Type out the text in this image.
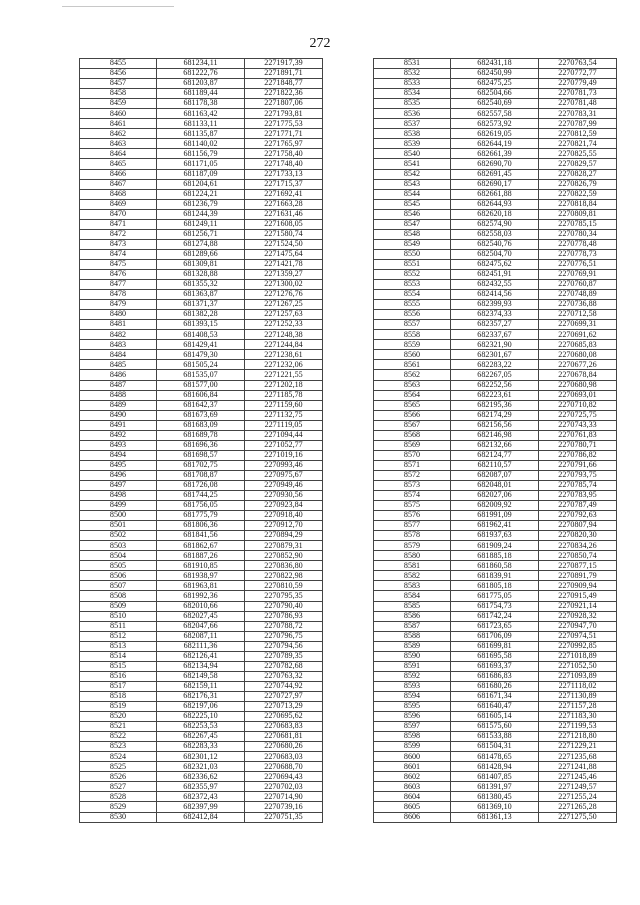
272
8455	681234,11	2271917,39
8456	681222,76	2271891,71
8457	681203,87	2271848,77
8458	681189,44	2271822,36
8459	681178,38	2271807,06
8460	681163,42	2271793,81
8461	681133,11	2271775,53
8462	681135,87	2271771,71
8463	681140,02	2271765,97
8464	681156,79	2271758,40
8465	681171,05	2271748,40
8466	681187,09	2271733,13
8467	681204,61	2271715,37
8468	681224,21	2271692,41
8469	681236,79	2271663,28
8470	681244,39	2271631,46
8471	681249,11	2271608,05
8472	681256,71	2271580,74
8473	681274,88	2271524,50
8474	681289,66	2271475,64
8475	681309,81	2271421,78
8476	681328,88	2271359,27
8477	681355,32	2271300,02
8478	681363,87	2271276,76
8479	681371,37	2271267,25
8480	681382,28	2271257,63
8481	681393,15	2271252,33
8482	681408,53	2271248,38
8483	681429,41	2271244,84
8484	681479,30	2271238,61
8485	681505,24	2271232,06
8486	681535,07	2271221,55
8487	681577,00	2271202,18
8488	681606,84	2271185,78
8489	681642,37	2271159,60
8490	681673,69	2271132,75
8491	681683,09	2271119,05
8492	681689,78	2271094,44
8493	681696,36	2271052,77
8494	681698,57	2271019,16
8495	681702,75	2270993,46
8496	681708,87	2270975,67
8497	681726,08	2270949,46
8498	681744,25	2270930,56
8499	681756,05	2270923,84
8500	681775,79	2270918,40
8501	681806,36	2270912,70
8502	681841,56	2270894,29
8503	681862,67	2270879,31
8504	681887,26	2270852,90
8505	681910,85	2270836,80
8506	681938,97	2270822,98
8507	681963,81	2270810,59
8508	681992,36	2270795,35
8509	682010,66	2270790,40
8510	682027,45	2270786,93
8511	682047,66	2270788,72
8512	682087,11	2270796,75
8513	682111,36	2270794,56
8514	682126,41	2270789,35
8515	682134,94	2270782,68
8516	682149,58	2270763,32
8517	682159,11	2270744,92
8518	682176,31	2270727,97
8519	682197,06	2270713,29
8520	682225,10	2270695,62
8521	682253,53	2270683,83
8522	682267,45	2270681,81
8523	682283,33	2270680,26
8524	682301,12	2270683,03
8525	682321,03	2270688,70
8526	682336,62	2270694,43
8527	682355,97	2270702,03
8528	682372,43	2270714,90
8529	682397,99	2270739,16
8530	682412,84	2270751,35
8531	682431,18	2270763,54
8532	682450,99	2270772,77
8533	682475,25	2270779,49
8534	682504,66	2270781,73
8535	682540,69	2270781,48
8536	682557,58	2270783,31
8537	682573,92	2270787,99
8538	682619,05	2270812,59
8539	682644,19	2270821,74
8540	682661,39	2270825,55
8541	682690,70	2270829,57
8542	682691,45	2270828,27
8543	682690,17	2270826,79
8544	682661,88	2270822,59
8545	682644,93	2270818,84
8546	682620,18	2270809,81
8547	682574,90	2270785,15
8548	682558,03	2270780,34
8549	682540,76	2270778,48
8550	682504,70	2270778,73
8551	682475,62	2270776,51
8552	682451,91	2270769,91
8553	682432,55	2270760,87
8554	682414,56	2270748,89
8555	682399,93	2270736,88
8556	682374,33	2270712,58
8557	682357,27	2270699,31
8558	682337,67	2270691,62
8559	682321,90	2270685,83
8560	682301,67	2270680,08
8561	682283,22	2270677,26
8562	682267,05	2270678,84
8563	682252,56	2270680,98
8564	682223,61	2270693,01
8565	682195,36	2270710,82
8566	682174,29	2270725,75
8567	682156,56	2270743,33
8568	682146,98	2270761,83
8569	682132,66	2270780,71
8570	682124,77	2270786,82
8571	682110,57	2270791,66
8572	682087,07	2270793,75
8573	682048,01	2270785,74
8574	682027,06	2270783,95
8575	682009,92	2270787,49
8576	681991,09	2270792,63
8577	681962,41	2270807,94
8578	681937,63	2270820,30
8579	681909,24	2270834,26
8580	681885,18	2270850,74
8581	681860,58	2270877,15
8582	681839,91	2270891,79
8583	681805,18	2270909,94
8584	681775,05	2270915,49
8585	681754,73	2270921,14
8586	681742,24	2270928,32
8587	681723,65	2270947,70
8588	681706,09	2270974,51
8589	681699,81	2270992,85
8590	681695,58	2271018,89
8591	681693,37	2271052,50
8592	681686,83	2271093,89
8593	681680,26	2271118,02
8594	681671,34	2271130,89
8595	681640,47	2271157,28
8596	681605,14	2271183,30
8597	681575,60	2271199,53
8598	681533,88	2271218,80
8599	681504,31	2271229,21
8600	681478,65	2271235,68
8601	681428,94	2271241,88
8602	681407,85	2271245,46
8603	681391,97	2271249,57
8604	681380,45	2271255,24
8605	681369,10	2271265,28
8606	681361,13	2271275,50
